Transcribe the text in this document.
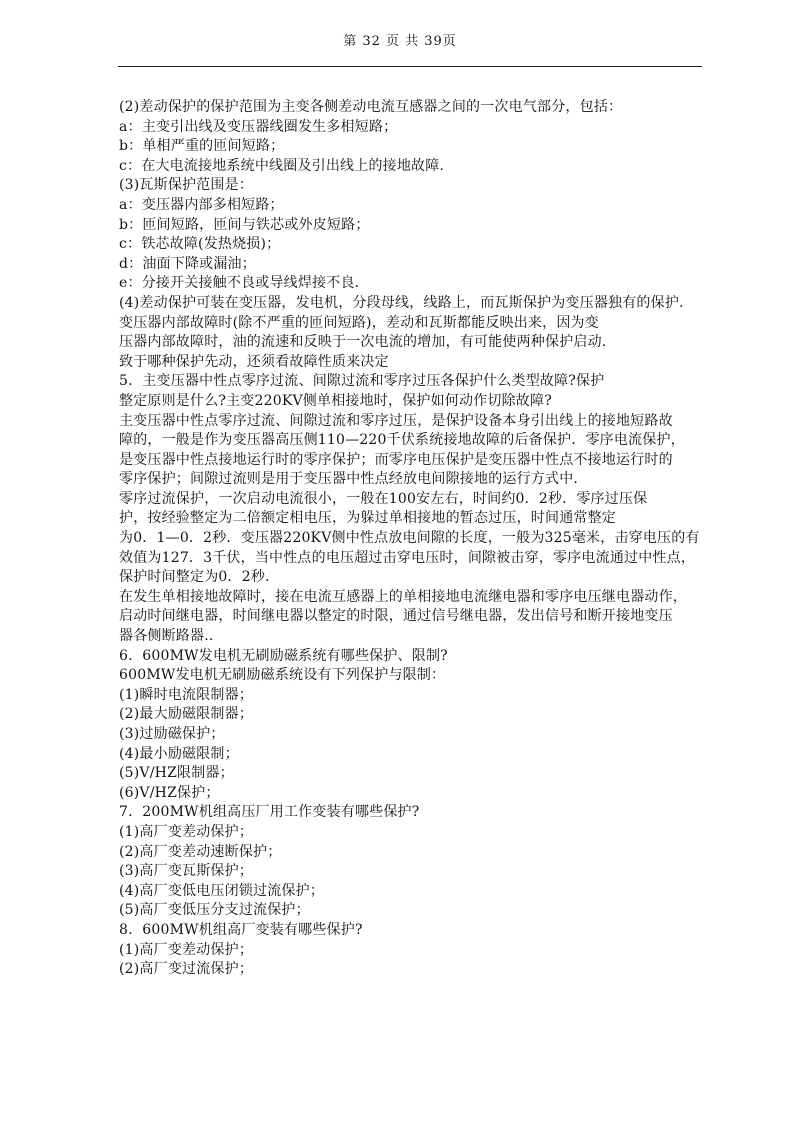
第 32 页 共 39页
(2)差动保护的保护范围为主变各侧差动电流互感器之间的一次电气部分，包括：
a：主变引出线及变压器线圈发生多相短路；
b：单相严重的匝间短路；
c：在大电流接地系统中线圈及引出线上的接地故障.
(3)瓦斯保护范围是：
a：变压器内部多相短路；
b：匝间短路，匝间与铁芯或外皮短路；
c：铁芯故障(发热烧损)；
d：油面下降或漏油；
e：分接开关接触不良或导线焊接不良.
(4)差动保护可装在变压器，发电机，分段母线，线路上，而瓦斯保护为变压器独有的保护.
变压器内部故障时(除不严重的匝间短路)，差动和瓦斯都能反映出来，因为变
压器内部故障时，油的流速和反映于一次电流的增加，有可能使两种保护启动.
致于哪种保护先动，还须看故障性质来决定
5．主变压器中性点零序过流、间隙过流和零序过压各保护什么类型故障?保护
整定原则是什么?主变220KV侧单相接地时，保护如何动作切除故障?
主变压器中性点零序过流、间隙过流和零序过压，是保护设备本身引出线上的接地短路故
障的，一般是作为变压器高压侧110—220千伏系统接地故障的后备保护．零序电流保护，
是变压器中性点接地运行时的零序保护；而零序电压保护是变压器中性点不接地运行时的
零序保护；间隙过流则是用于变压器中性点经放电间隙接地的运行方式中.
零序过流保护，一次启动电流很小，一般在100安左右，时间约0．2秒．零序过压保
护，按经验整定为二倍额定相电压，为躲过单相接地的暂态过压，时间通常整定
为0．1—0．2秒．变压器220KV侧中性点放电间隙的长度，一般为325毫米，击穿电压的有
效值为127．3千伏，当中性点的电压超过击穿电压时，间隙被击穿，零序电流通过中性点，
保护时间整定为0．2秒.
在发生单相接地故障时，接在电流互感器上的单相接地电流继电器和零序电压继电器动作，
启动时间继电器，时间继电器以整定的时限，通过信号继电器，发出信号和断开接地变压
器各侧断路器..
6．600MW发电机无刷励磁系统有哪些保护、限制?
600MW发电机无刷励磁系统设有下列保护与限制：
(1)瞬时电流限制器；
(2)最大励磁限制器；
(3)过励磁保护；
(4)最小励磁限制；
(5)V/HZ限制器；
(6)V/HZ保护；
7．200MW机组高压厂用工作变装有哪些保护?
(1)高厂变差动保护；
(2)高厂变差动速断保护；
(3)高厂变瓦斯保护；
(4)高厂变低电压闭锁过流保护；
(5)高厂变低压分支过流保护；
8．600MW机组高厂变装有哪些保护?
(1)高厂变差动保护；
(2)高厂变过流保护；
